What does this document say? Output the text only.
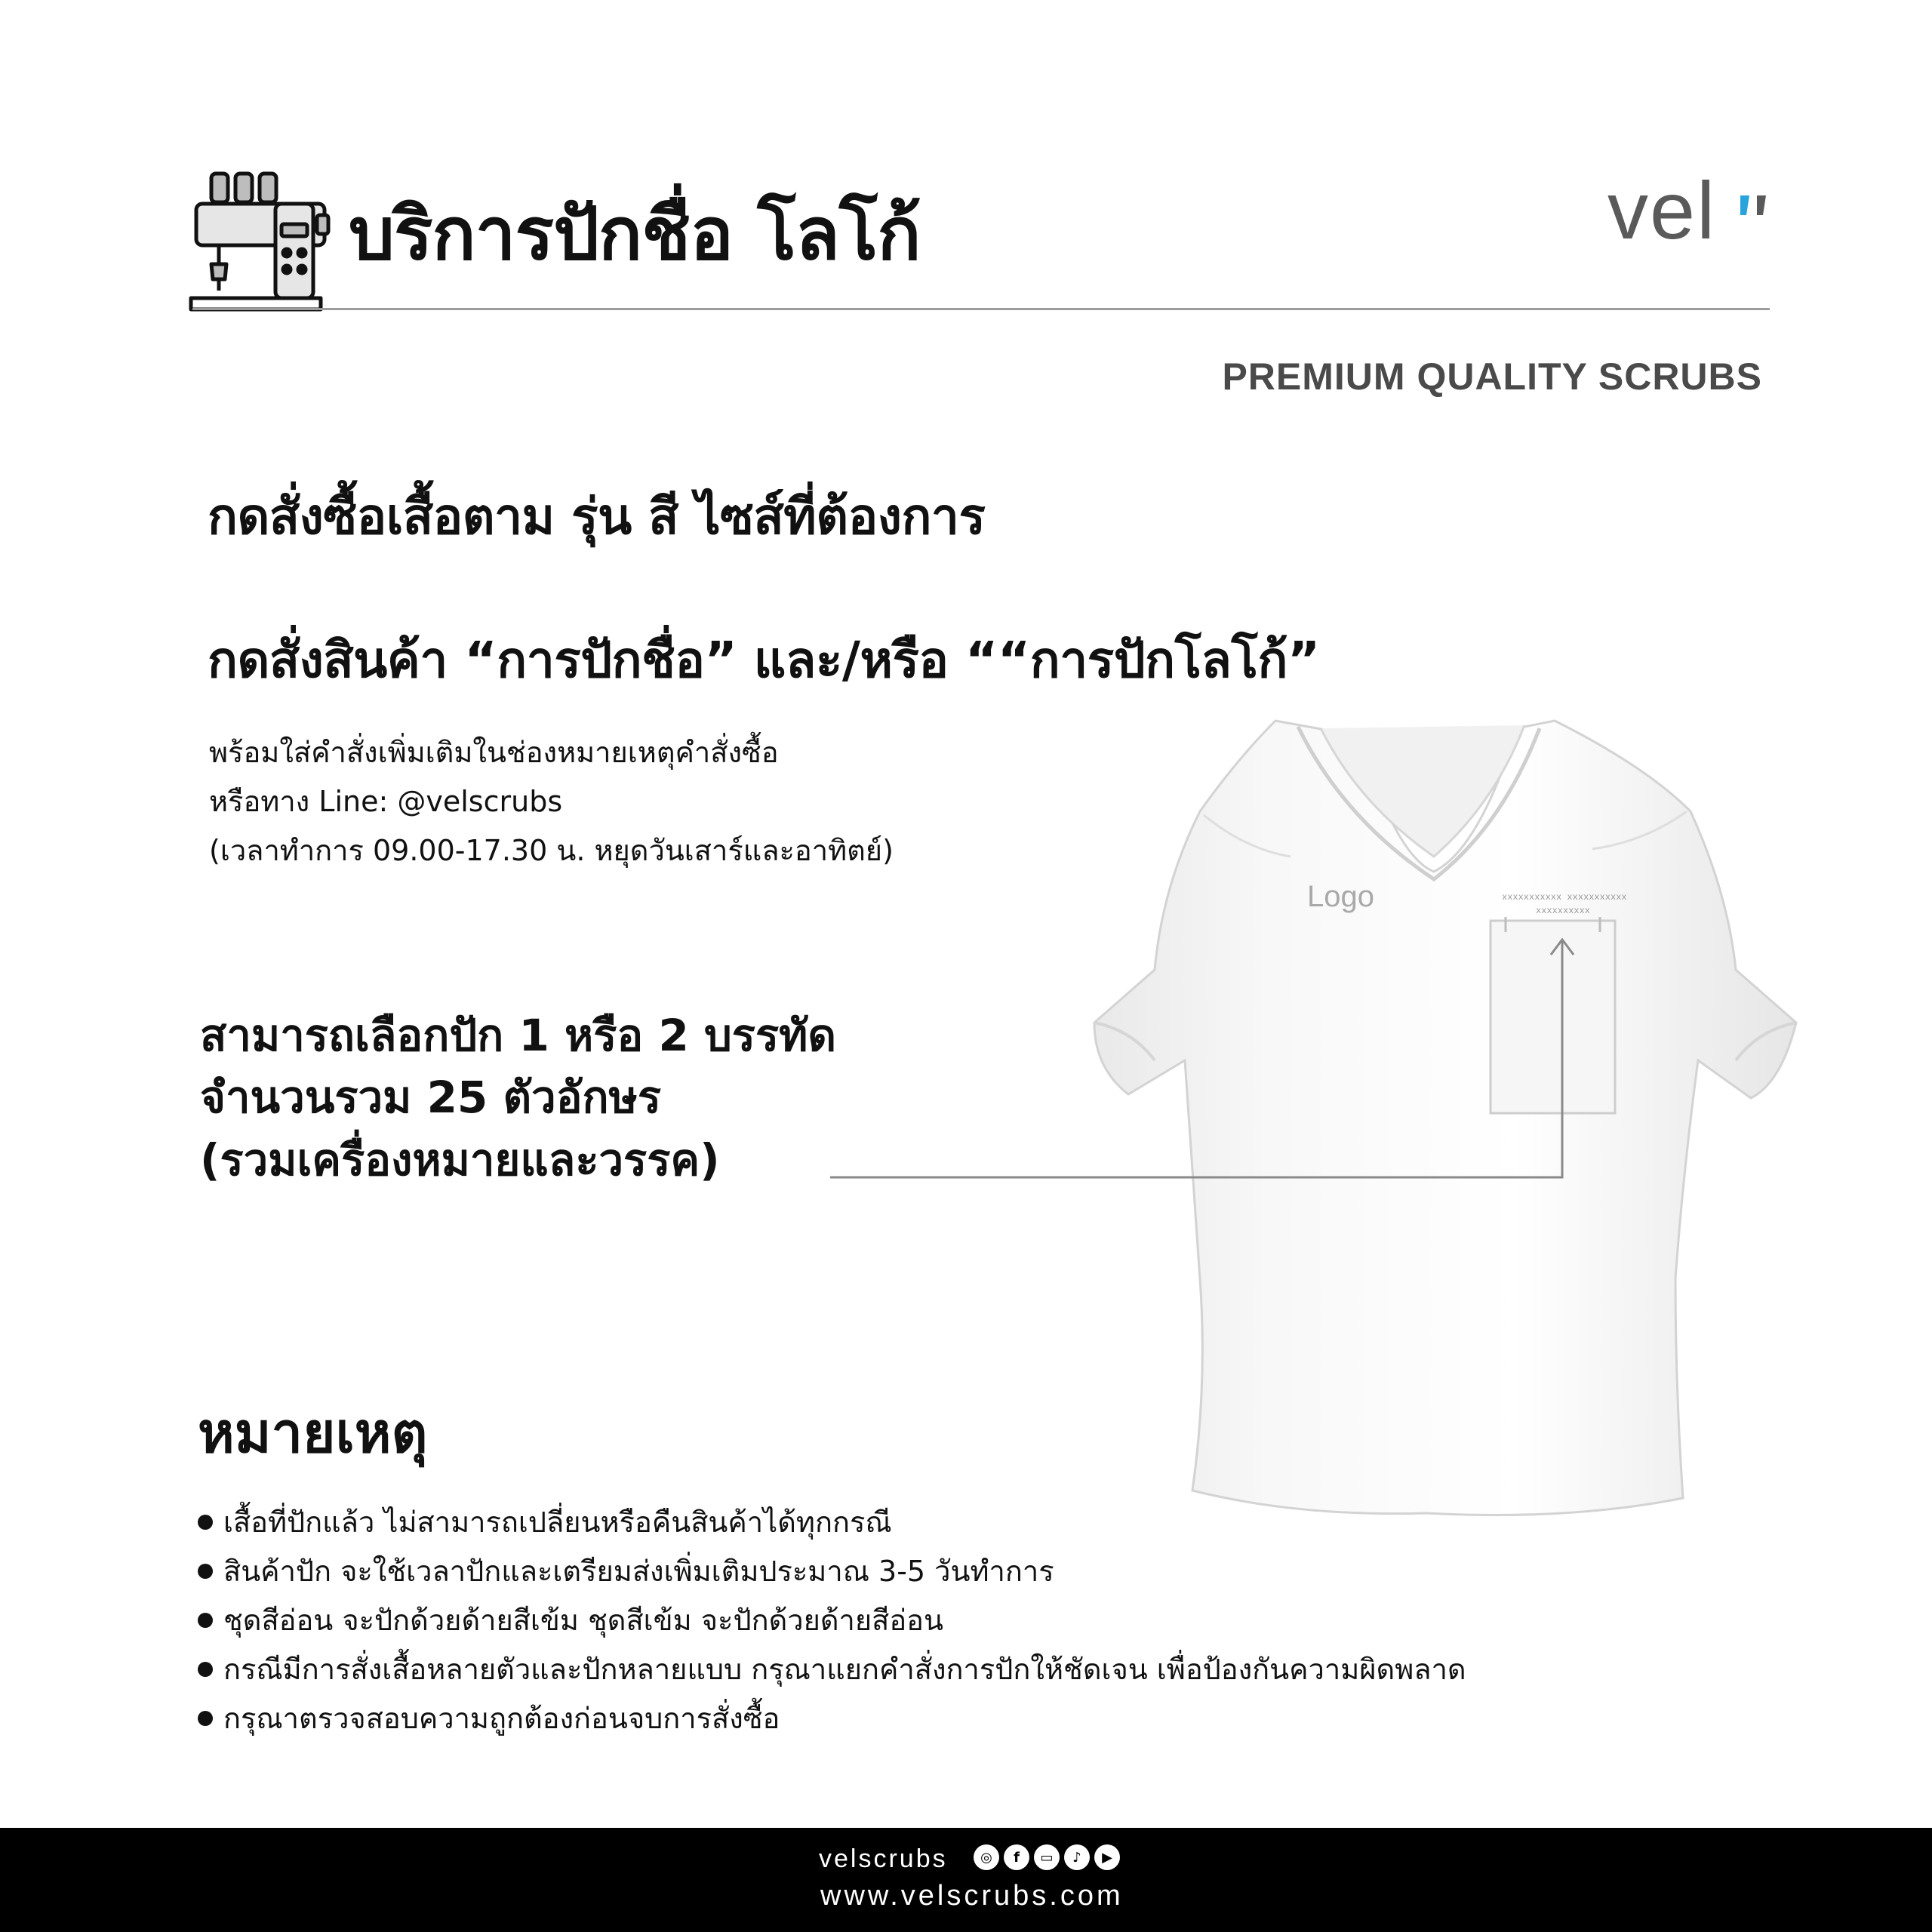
บริการปักชื่อ โลโก้	vel
PREMIUM QUALITY SCRUBS
กดสั่งซื้อเสื้อตาม รุ่น สี ไซส์ที่ต้องการ
กดสั่งสินค้า “การปักชื่อ” และ/หรือ ““การปักโลโก้”
พร้อมใส่คำสั่งเพิ่มเติมในช่องหมายเหตุคำสั่งซื้อ
หรือทาง Line: @velscrubs
(เวลาทำการ 09.00-17.30 น. หยุดวันเสาร์และอาทิตย์)
สามารถเลือกปัก 1 หรือ 2 บรรทัด
จำนวนรวม 25 ตัวอักษร
(รวมเครื่องหมายและวรรค)
Logo	xxxxxxxxxxx xxxxxxxxxxx
xxxxxxxxxx
หมายเหตุ
เสื้อที่ปักแล้ว ไม่สามารถเปลี่ยนหรือคืนสินค้าได้ทุกกรณี
สินค้าปัก จะใช้เวลาปักและเตรียมส่งเพิ่มเติมประมาณ 3-5 วันทำการ
ชุดสีอ่อน จะปักด้วยด้ายสีเข้ม ชุดสีเข้ม จะปักด้วยด้ายสีอ่อน
กรณีมีการสั่งเสื้อหลายตัวและปักหลายแบบ กรุณาแยกคำสั่งการปักให้ชัดเจน เพื่อป้องกันความผิดพลาด
กรุณาตรวจสอบความถูกต้องก่อนจบการสั่งซื้อ
velscrubs	◎	f	▭	♪	▶
www.velscrubs.com
